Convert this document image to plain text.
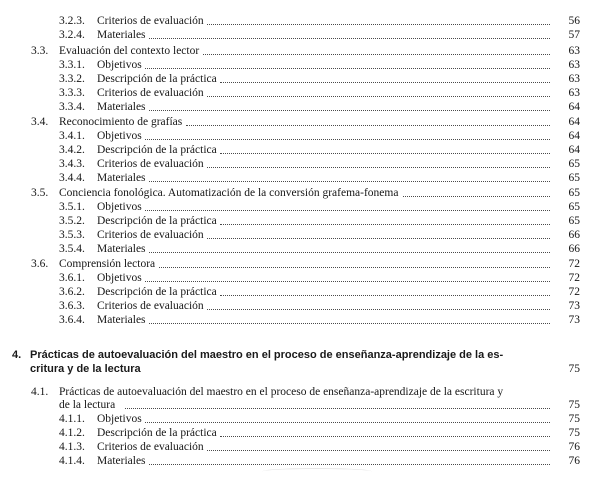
3.2.3. Criterios de evaluación	56
3.2.4. Materiales	57
3.3. Evaluación del contexto lector	63
3.3.1. Objetivos	63
3.3.2. Descripción de la práctica	63
3.3.3. Criterios de evaluación	63
3.3.4. Materiales	64
3.4. Reconocimiento de grafías	64
3.4.1. Objetivos	64
3.4.2. Descripción de la práctica	64
3.4.3. Criterios de evaluación	65
3.4.4. Materiales	65
3.5. Conciencia fonológica. Automatización de la conversión grafema-fonema	65
3.5.1. Objetivos	65
3.5.2. Descripción de la práctica	65
3.5.3. Criterios de evaluación	66
3.5.4. Materiales	66
3.6. Comprensión lectora	72
3.6.1. Objetivos	72
3.6.2. Descripción de la práctica	72
3.6.3. Criterios de evaluación	73
3.6.4. Materiales	73
4. Prácticas de autoevaluación del maestro en el proceso de enseñanza-aprendizaje de la es-
critura y de la lectura	75
4.1. Prácticas de autoevaluación del maestro en el proceso de enseñanza-aprendizaje de la escritura y
de la lectura	75
4.1.1. Objetivos	75
4.1.2. Descripción de la práctica	75
4.1.3. Criterios de evaluación	76
4.1.4. Materiales	76
